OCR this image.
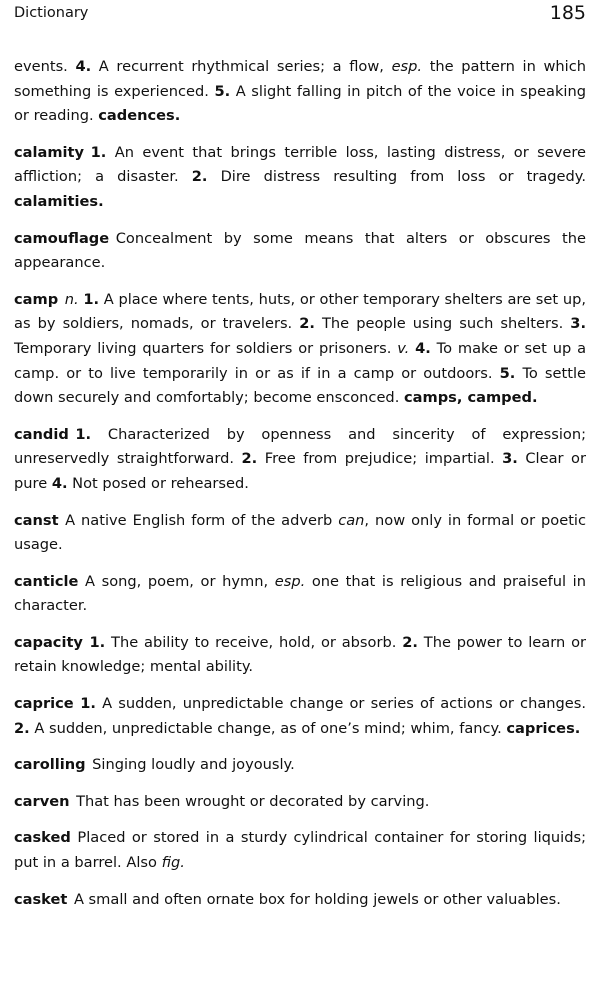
Dictionary	185

events. 4. A recurrent rhythmical series; a flow, esp. the pattern in which something is experienced. 5. A slight falling in pitch of the voice in speaking or reading. cadences.

calamity 1. An event that brings terrible loss, lasting distress, or severe affliction; a disaster. 2. Dire distress resulting from loss or tragedy. calamities.

camouflage Concealment by some means that alters or obscures the appearance.

camp n. 1. A place where tents, huts, or other temporary shelters are set up, as by soldiers, nomads, or travelers. 2. The people using such shelters. 3. Temporary living quarters for soldiers or prisoners. v. 4. To make or set up a camp. or to live temporarily in or as if in a camp or outdoors. 5. To settle down securely and comfortably; become ensconced. camps, camped.

candid 1. Characterized by openness and sincerity of expression; unreservedly straightforward. 2. Free from prejudice; impartial. 3. Clear or pure 4. Not posed or rehearsed.

canst A native English form of the adverb can, now only in formal or poetic usage.

canticle A song, poem, or hymn, esp. one that is religious and praiseful in character.

capacity 1. The ability to receive, hold, or absorb. 2. The power to learn or retain knowledge; mental ability.

caprice 1. A sudden, unpredictable change or series of actions or changes. 2. A sudden, unpredictable change, as of one’s mind; whim, fancy. caprices.

carolling Singing loudly and joyously.

carven That has been wrought or decorated by carving.

casked Placed or stored in a sturdy cylindrical container for storing liquids; put in a barrel. Also fig.

casket A small and often ornate box for holding jewels or other valuables.
